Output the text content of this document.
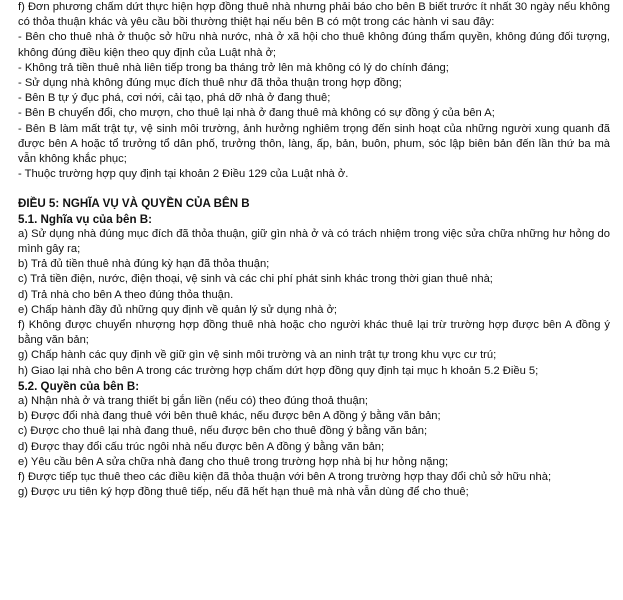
f) Đơn phương chấm dứt thực hiện hợp đồng thuê nhà nhưng phải báo cho bên B biết trước ít nhất 30 ngày nếu không có thỏa thuận khác và yêu cầu bồi thường thiệt hại nếu bên B có một trong các hành vi sau đây:

- Bên cho thuê nhà ở thuộc sở hữu nhà nước, nhà ở xã hội cho thuê không đúng thẩm quyền, không đúng đối tượng, không đúng điều kiện theo quy định của Luật nhà ở;

- Không trả tiền thuê nhà liên tiếp trong ba tháng trở lên mà không có lý do chính đáng;

- Sử dụng nhà không đúng mục đích thuê như đã thỏa thuận trong hợp đồng;

- Bên B tự ý đục phá, cơi nới, cải tạo, phá dỡ nhà ở đang thuê;

- Bên B chuyển đổi, cho mượn, cho thuê lại nhà ở đang thuê mà không có sự đồng ý của bên A;

- Bên B làm mất trật tự, vệ sinh môi trường, ảnh hưởng nghiêm trọng đến sinh hoạt của những người xung quanh đã được bên A hoặc tổ trưởng tổ dân phố, trưởng thôn, làng, ấp, bản, buôn, phum, sóc lập biên bản đến lần thứ ba mà vẫn không khắc phục;

- Thuộc trường hợp quy định tại khoản 2 Điều 129 của Luật nhà ở.

ĐIỀU 5: NGHĨA VỤ VÀ QUYỀN CỦA BÊN B

5.1. Nghĩa vụ của bên B:

a) Sử dụng nhà đúng mục đích đã thỏa thuận, giữ gìn nhà ở và có trách nhiệm trong việc sửa chữa những hư hỏng do mình gây ra;

b) Trả đủ tiền thuê nhà đúng kỳ hạn đã thỏa thuận;

c) Trả tiền điện, nước, điện thoại, vệ sinh và các chi phí phát sinh khác trong thời gian thuê nhà;

d) Trả nhà cho bên A theo đúng thỏa thuận.

e) Chấp hành đầy đủ những quy định về quản lý sử dụng nhà ở;

f) Không được chuyển nhượng hợp đồng thuê nhà hoặc cho người khác thuê lại trừ trường hợp được bên A đồng ý bằng văn bản;

g) Chấp hành các quy định về giữ gìn vệ sinh môi trường và an ninh trật tự trong khu vực cư trú;

h) Giao lại nhà cho bên A trong các trường hợp chấm dứt hợp đồng quy định tại mục h khoản 5.2 Điều 5;

5.2. Quyền của bên B:

a) Nhận nhà ở và trang thiết bị gắn liền (nếu có) theo đúng thoả thuận;

b) Được đổi nhà đang thuê với bên thuê khác, nếu được bên A đồng ý bằng văn bản;

c) Được cho thuê lại nhà đang thuê, nếu được bên cho thuê đồng ý bằng văn bản;

d) Được thay đổi cấu trúc ngôi nhà nếu được bên A đồng ý bằng văn bản;

e) Yêu cầu bên A sửa chữa nhà đang cho thuê trong trường hợp nhà bị hư hỏng nặng;

f) Được tiếp tục thuê theo các điều kiện đã thỏa thuận với bên A trong trường hợp thay đổi chủ sở hữu nhà;

g) Được ưu tiên ký hợp đồng thuê tiếp, nếu đã hết hạn thuê mà nhà vẫn dùng để cho thuê;
